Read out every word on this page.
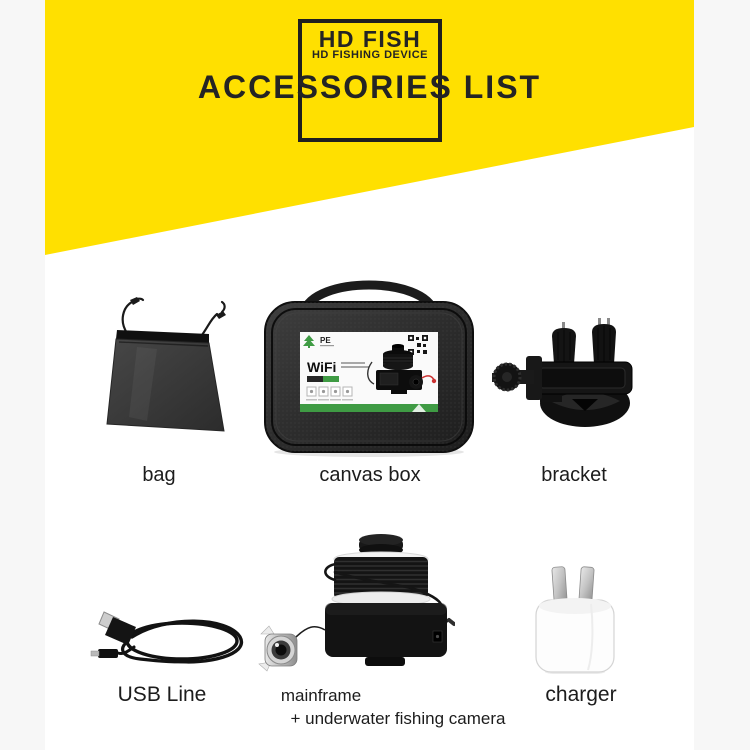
HD FISH
HD FISHING DEVICE
ACCESSORIES LIST
bag
PE
WiFi
canvas box	bracket
USB Line	mainframe
+ underwater fishing camera
charger
